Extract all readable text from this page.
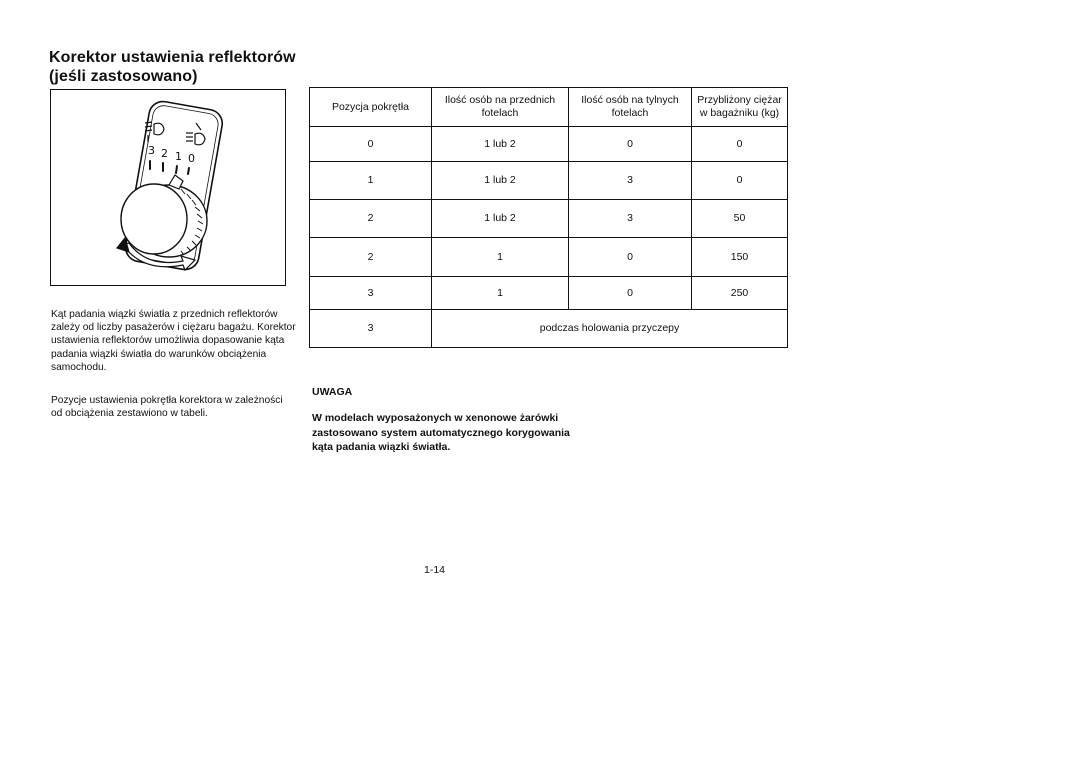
Korektor ustawienia reflektorów
(jeśli zastosowano)
3 2 1 0

Kąt padania wiązki światła z przednich reflektorów zależy od liczby pasażerów i ciężaru bagażu. Korektor ustawienia reflektorów umożliwia dopasowanie kąta padania wiązki światła do warunków obciążenia samochodu.

Pozycje ustawienia pokrętła korektora w zależności od obciążenia zestawiono w tabeli.

Pozycja pokrętła	Ilość osób na przednich fotelach	Ilość osób na tylnych fotelach	Przybliżony ciężar w bagażniku (kg)
0	1 lub 2	0	0
1	1 lub 2	3	0
2	1 lub 2	3	50
2	1	0	150
3	1	0	250
3	podczas holowania przyczepy		

UWAGA

W modelach wyposażonych w xenonowe żarówki zastosowano system automatycznego korygowania kąta padania wiązki światła.

1-14
